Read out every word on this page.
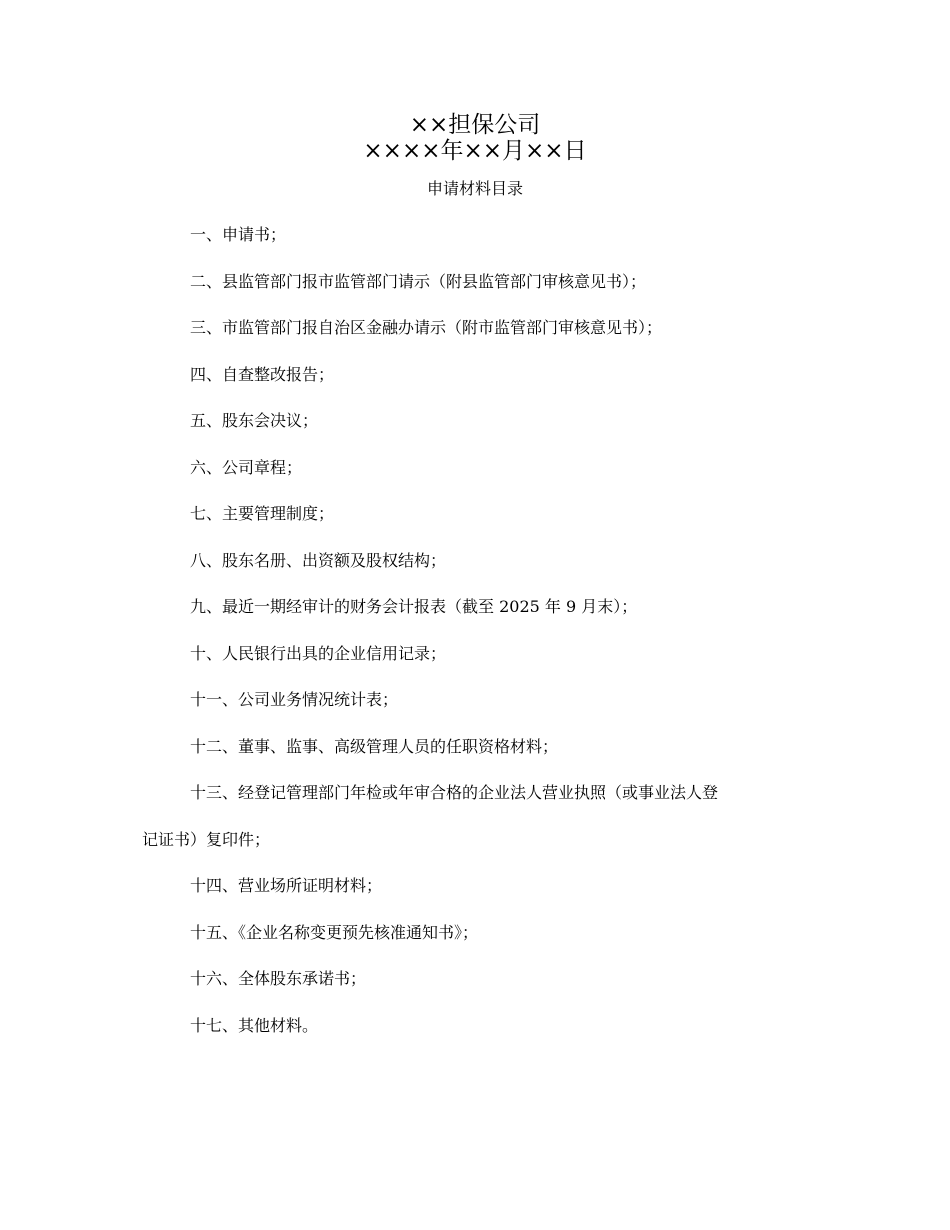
××担保公司
××××年××月××日
申请材料目录
一、申请书；
二、县监管部门报市监管部门请示（附县监管部门审核意见书）；
三、市监管部门报自治区金融办请示（附市监管部门审核意见书）；
四、自查整改报告；
五、股东会决议；
六、公司章程；
七、主要管理制度；
八、股东名册、出资额及股权结构；
九、最近一期经审计的财务会计报表（截至 2025 年 9 月末）；
十、人民银行出具的企业信用记录；
十一、公司业务情况统计表；
十二、董事、监事、高级管理人员的任职资格材料；
十三、经登记管理部门年检或年审合格的企业法人营业执照（或事业法人登
记证书）复印件；
十四、营业场所证明材料；
十五、《企业名称变更预先核准通知书》；
十六、全体股东承诺书；
十七、其他材料。
